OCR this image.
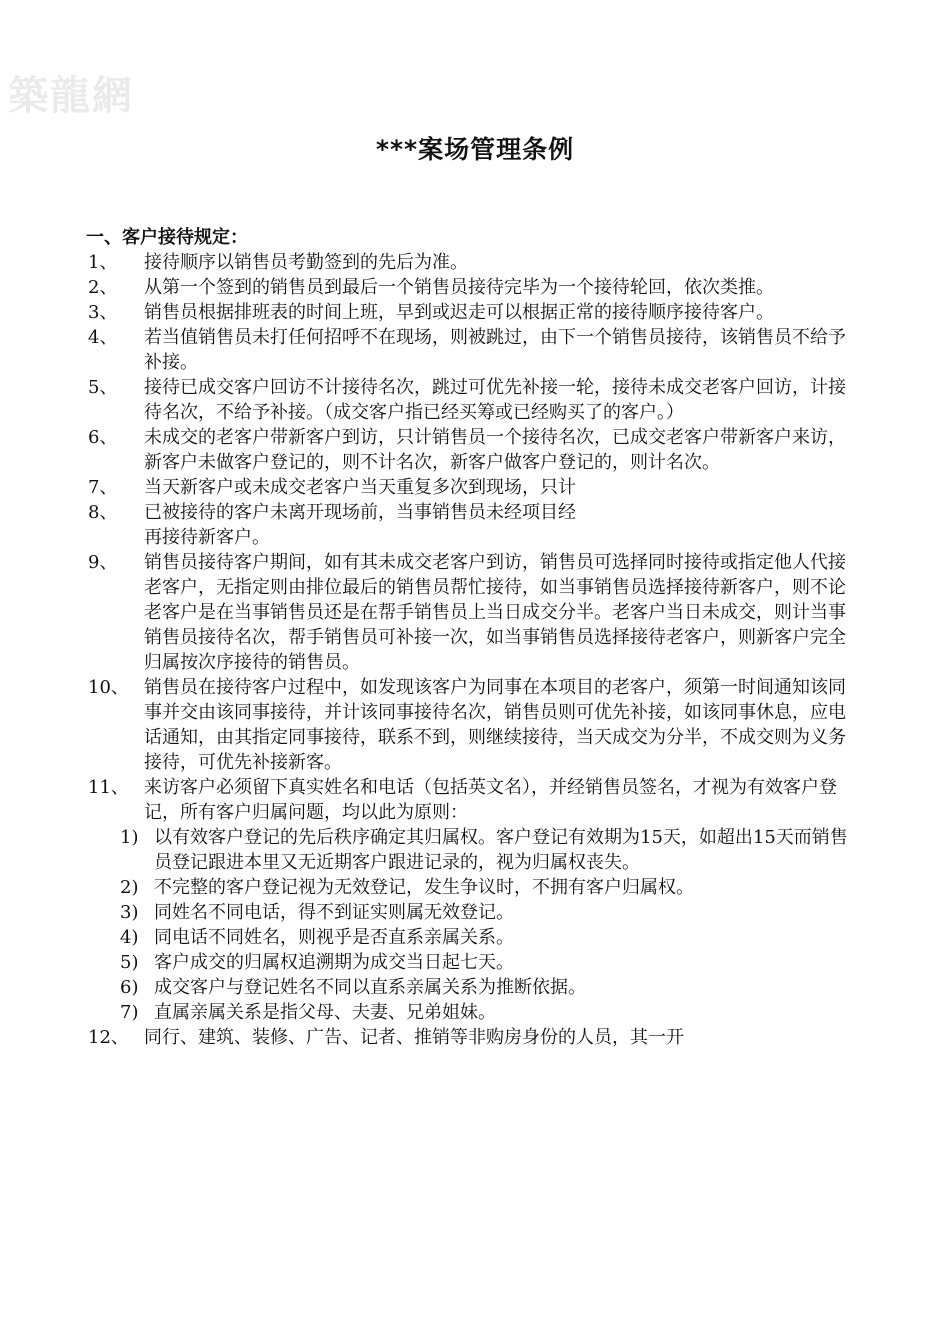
築龍網
***案场管理条例
一、客户接待规定：
1、 接待顺序以销售员考勤签到的先后为准。
2、 从第一个签到的销售员到最后一个销售员接待完毕为一个接待轮回，依次类推。
3、 销售员根据排班表的时间上班，早到或迟走可以根据正常的接待顺序接待客户。
4、 若当值销售员未打任何招呼不在现场，则被跳过，由下一个销售员接待，该销售员不给予补接。
5、 接待已成交客户回访不计接待名次，跳过可优先补接一轮，接待未成交老客户回访，计接待名次，不给予补接。（成交客户指已经买筹或已经购买了的客户。）
6、 未成交的老客户带新客户到访，只计销售员一个接待名次，已成交老客户带新客户来访，新客户未做客户登记的，则不计名次，新客户做客户登记的，则计名次。
7、 当天新客户或未成交老客户当天重复多次到现场，只计
8、 已被接待的客户未离开现场前，当事销售员未经项目经
再接待新客户。
9、 销售员接待客户期间，如有其未成交老客户到访，销售员可选择同时接待或指定他人代接老客户，无指定则由排位最后的销售员帮忙接待，如当事销售员选择接待新客户，则不论老客户是在当事销售员还是在帮手销售员上当日成交分半。老客户当日未成交，则计当事销售员接待名次，帮手销售员可补接一次，如当事销售员选择接待老客户，则新客户完全归属按次序接待的销售员。
10、 销售员在接待客户过程中，如发现该客户为同事在本项目的老客户，须第一时间通知该同事并交由该同事接待，并计该同事接待名次，销售员则可优先补接，如该同事休息，应电话通知，由其指定同事接待，联系不到，则继续接待，当天成交为分半，不成交则为义务接待，可优先补接新客。
11、 来访客户必须留下真实姓名和电话（包括英文名），并经销售员签名，才视为有效客户登记，所有客户归属问题，均以此为原则：
1) 以有效客户登记的先后秩序确定其归属权。客户登记有效期为15天，如超出15天而销售员登记跟进本里又无近期客户跟进记录的，视为归属权丧失。
2) 不完整的客户登记视为无效登记，发生争议时，不拥有客户归属权。
3) 同姓名不同电话，得不到证实则属无效登记。
4) 同电话不同姓名，则视乎是否直系亲属关系。
5) 客户成交的归属权追溯期为成交当日起七天。
6) 成交客户与登记姓名不同以直系亲属关系为推断依据。
7) 直属亲属关系是指父母、夫妻、兄弟姐妹。
12、 同行、建筑、装修、广告、记者、推销等非购房身份的人员，其一开
